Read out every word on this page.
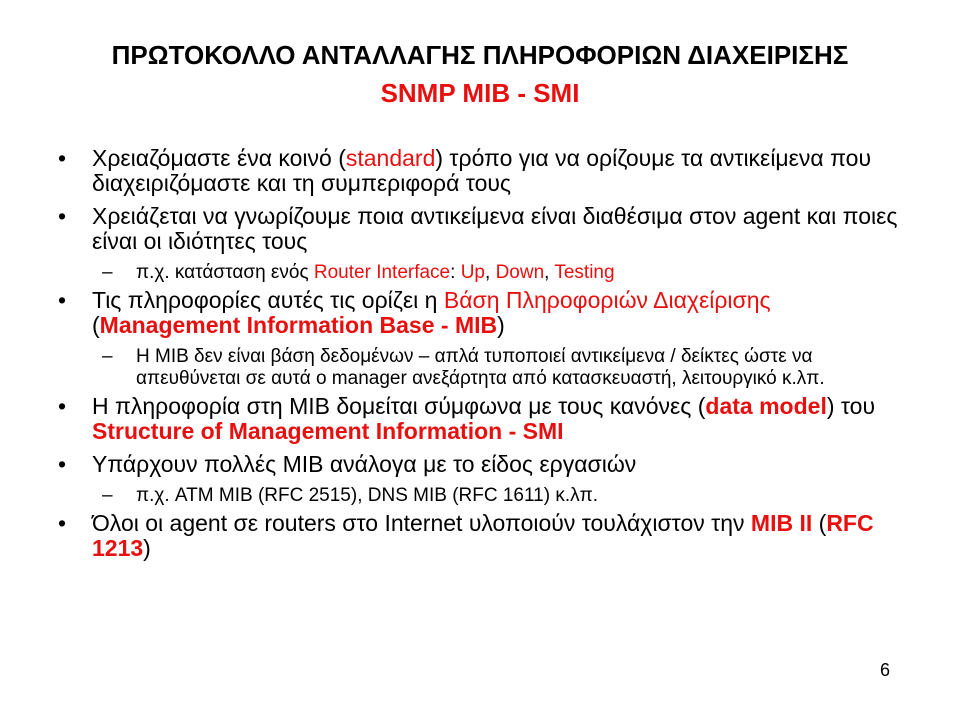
ΠΡΩΤΟΚΟΛΛΟ ΑΝΤΑΛΛΑΓΗΣ ΠΛΗΡΟΦΟΡΙΩΝ ΔΙΑΧΕΙΡΙΣΗΣ
SNMP MIB - SMI
• Χρειαζόμαστε ένα κοινό (standard) τρόπο για να ορίζουμε τα αντικείμενα που διαχειριζόμαστε και τη συμπεριφορά τους
• Χρειάζεται να γνωρίζουμε ποια αντικείμενα είναι διαθέσιμα στον agent και ποιες είναι οι ιδιότητες τους
– π.χ. κατάσταση ενός Router Interface: Up, Down, Testing
• Τις πληροφορίες αυτές τις ορίζει η Βάση Πληροφοριών Διαχείρισης (Management Information Base - MIB)
– Η MIB δεν είναι βάση δεδομένων – απλά τυποποιεί αντικείμενα / δείκτες ώστε να απευθύνεται σε αυτά ο manager ανεξάρτητα από κατασκευαστή, λειτουργικό κ.λπ.
• Η πληροφορία στη MIB δομείται σύμφωνα με τους κανόνες (data model) του Structure of Management Information - SMI
• Υπάρχουν πολλές MIB ανάλογα με το είδος εργασιών
– π.χ. ATM MIB (RFC 2515), DNS MIB (RFC 1611) κ.λπ.
• Όλοι οι agent σε routers στο Internet υλοποιούν τουλάχιστον την MIB II (RFC 1213)
6
